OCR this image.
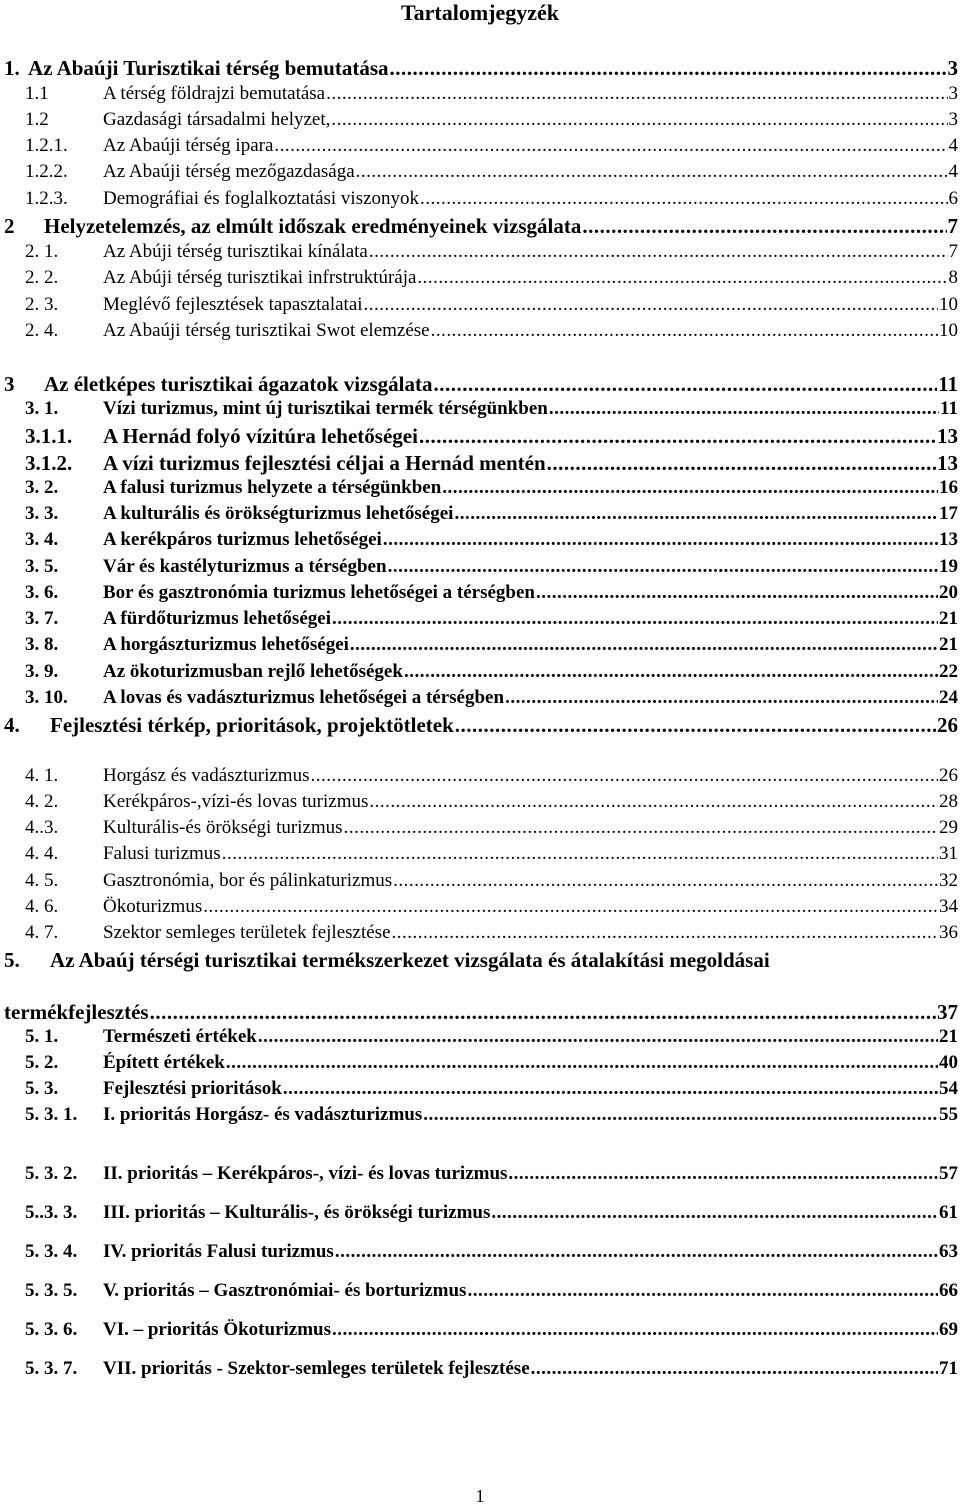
Tartalomjegyzék
1. Az Abaúji Turisztikai térség bemutatása .....	3
1.1	A térség földrajzi bemutatása .....	3
1.2	Gazdasági társadalmi helyzet, .....	3
1.2.1.	Az Abaúji térség ipara .....	4
1.2.2.	Az Abaúji térség mezőgazdasága .....	4
1.2.3.	Demográfiai és foglalkoztatási viszonyok .....	6
2	Helyzetelemzés, az elmúlt időszak eredményeinek vizsgálata .....	7
2. 1.	Az Abúji térség turisztikai kínálata .....	7
2. 2.	Az Abúji térség turisztikai infrstruktúrája .....	8
2. 3.	Meglévő fejlesztések tapasztalatai .....	10
2. 4.	Az Abaúji térség turisztikai Swot elemzése .....	10
3	Az életképes turisztikai ágazatok vizsgálata .....	11
3. 1.	Vízi turizmus, mint új turisztikai termék térségünkben .....	11
3.1.1.	A Hernád folyó vízitúra lehetőségei .....	13
3.1.2.	A vízi turizmus fejlesztési céljai a Hernád mentén .....	13
3. 2.	A falusi turizmus helyzete a térségünkben .....	16
3. 3.	A kulturális és örökségturizmus lehetőségei .....	17
3. 4.	A kerékpáros turizmus lehetőségei .....	13
3. 5.	Vár és kastélyturizmus a térségben .....	19
3. 6.	Bor és gasztronómia turizmus lehetőségei a térségben .....	20
3. 7.	A fürdőturizmus lehetőségei .....	21
3. 8.	A horgászturizmus lehetőségei .....	21
3. 9.	Az ökoturizmusban rejlő lehetőségek .....	22
3. 10.	A lovas és vadászturizmus lehetőségei a térségben .....	24
4.	Fejlesztési térkép, prioritások, projektötletek .....	26
4. 1.	Horgász és vadászturizmus .....	26
4. 2.	Kerékpáros-,vízi-és lovas turizmus .....	28
4..3.	Kulturális-és örökségi turizmus .....	29
4. 4.	Falusi turizmus .....	31
4. 5.	Gasztronómia, bor és pálinkaturizmus .....	32
4. 6.	Ökoturizmus .....	34
4. 7.	Szektor semleges területek fejlesztése .....	36
5. Az Abaúj térségi turisztikai termékszerkezet vizsgálata és átalakítási megoldásai
termékfejlesztés .....	37
5. 1.	Természeti értékek .....	21
5. 2.	Épített értékek .....	40
5. 3.	Fejlesztési prioritások .....	54
5. 3. 1.	I. prioritás Horgász- és vadászturizmus .....	55
5. 3. 2.	II. prioritás – Kerékpáros-, vízi- és lovas turizmus .....	57
5..3. 3.	III. prioritás – Kulturális-, és örökségi turizmus .....	61
5. 3. 4.	IV. prioritás Falusi turizmus .....	63
5. 3. 5.	V. prioritás – Gasztronómiai- és borturizmus .....	66
5. 3. 6.	VI. – prioritás Ökoturizmus .....	69
5. 3. 7.	VII. prioritás - Szektor-semleges területek fejlesztése .....	71
1
